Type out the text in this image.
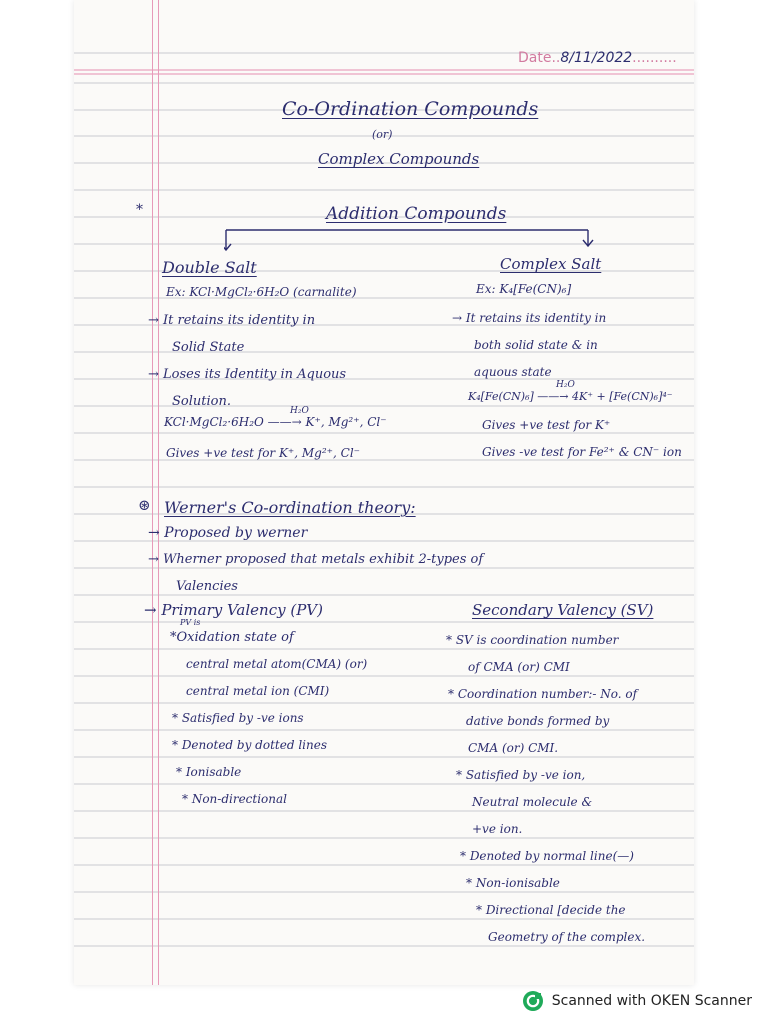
Date..8/11/2022..........
Co-Ordination Compounds
(or)
Complex Compounds
*	Addition Compounds
Double Salt
Ex: KCl·MgCl₂·6H₂O (carnalite)
→ It retains its identity in
Solid State
→ Loses its Identity in Aquous
Solution.
H₂O
KCl·MgCl₂·6H₂O ——→ K⁺, Mg²⁺, Cl⁻
Gives +ve test for K⁺, Mg²⁺, Cl⁻
Complex Salt
Ex: K₄[Fe(CN)₆]
→ It retains its identity in
both solid state & in
aquous state
H₂O
K₄[Fe(CN)₆] ——→ 4K⁺ + [Fe(CN)₆]⁴⁻
Gives +ve test for K⁺
Gives -ve test for Fe²⁺ & CN⁻ ion
⊛ Werner's Co-ordination theory:
→ Proposed by werner
→ Wherner proposed that metals exhibit 2-types of
Valencies
→ Primary Valency (PV)
PV is
*Oxidation state of
central metal atom(CMA) (or)
central metal ion (CMI)
* Satisfied by -ve ions
* Denoted by dotted lines
* Ionisable
* Non-directional
Secondary Valency (SV)
* SV is coordination number
of CMA (or) CMI
* Coordination number:- No. of
dative bonds formed by
CMA (or) CMI.
* Satisfied by -ve ion,
Neutral molecule &
+ve ion.
* Denoted by normal line(—)
* Non-ionisable
* Directional [decide the
Geometry of the complex.
Scanned with OKEN Scanner
